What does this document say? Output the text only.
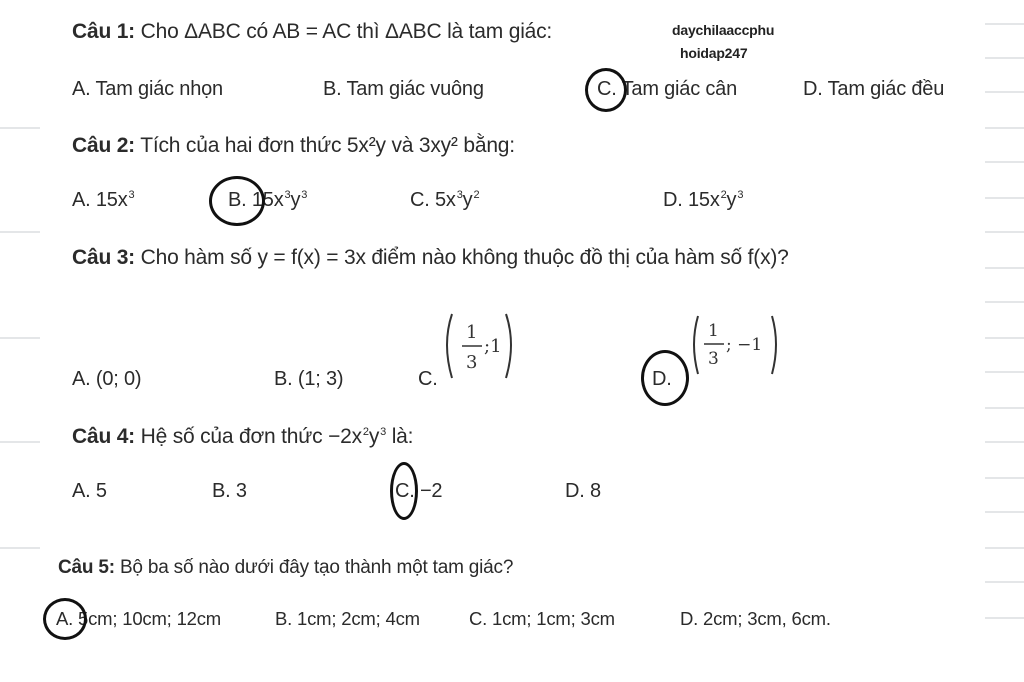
daychilaaccphu
hoidap247
Câu 1: Cho ΔABC có AB = AC thì ΔABC là tam giác:
A. Tam giác nhọn	B. Tam giác vuông	C. Tam giác cân	D. Tam giác đều
Câu 2: Tích của hai đơn thức 5x²y và 3xy² bằng:
A. $15x^3$	B. $15x^3y^3$	C. $5x^3y^2$	D. $15x^2y^3$
Câu 3: Cho hàm số y = f(x) = 3x điểm nào không thuộc đồ thị của hàm số f(x)?
A. (0; 0)	B. (1; 3)	C.
1
3
;1
D.
1
3
; −1
Câu 4: Hệ số của đơn thức $-2x^2y^3$ là:
A. 5	B. 3	C. −2	D. 8
Câu 5: Bộ ba số nào dưới đây tạo thành một tam giác?
A. 5cm; 10cm; 12cm	B. 1cm; 2cm; 4cm	C. 1cm; 1cm; 3cm	D. 2cm; 3cm, 6cm.
